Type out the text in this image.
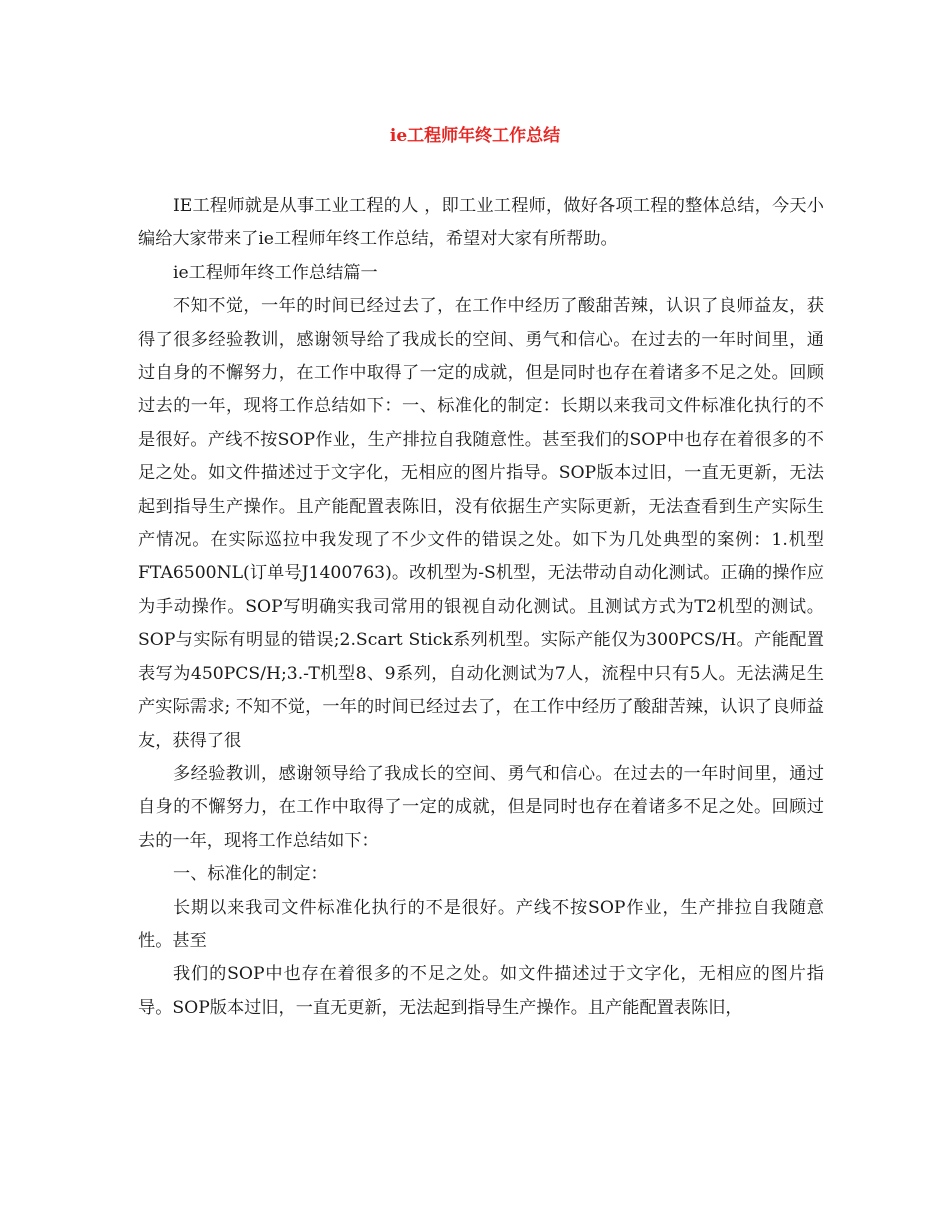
ie工程师年终工作总结

IE工程师就是从事工业工程的人 ，即工业工程师，做好各项工程的整体总结，今天小编给大家带来了ie工程师年终工作总结，希望对大家有所帮助。

ie工程师年终工作总结篇一

不知不觉，一年的时间已经过去了，在工作中经历了酸甜苦辣，认识了良师益友，获得了很多经验教训，感谢领导给了我成长的空间、勇气和信心。在过去的一年时间里，通过自身的不懈努力，在工作中取得了一定的成就，但是同时也存在着诸多不足之处。回顾过去的一年，现将工作总结如下：一、标准化的制定：长期以来我司文件标准化执行的不是很好。产线不按SOP作业，生产排拉自我随意性。甚至我们的SOP中也存在着很多的不足之处。如文件描述过于文字化，无相应的图片指导。SOP版本过旧，一直无更新，无法起到指导生产操作。且产能配置表陈旧，没有依据生产实际更新，无法查看到生产实际生产情况。在实际巡拉中我发现了不少文件的错误之处。如下为几处典型的案例：1.机型FTA6500NL(订单号J1400763)。改机型为-S机型，无法带动自动化测试。正确的操作应为手动操作。SOP写明确实我司常用的银视自动化测试。且测试方式为T2机型的测试。SOP与实际有明显的错误;2.Scart Stick系列机型。实际产能仅为300PCS/H。产能配置表写为450PCS/H;3.-T机型8、9系列，自动化测试为7人，流程中只有5人。无法满足生产实际需求; 不知不觉，一年的时间已经过去了，在工作中经历了酸甜苦辣，认识了良师益友，获得了很

多经验教训，感谢领导给了我成长的空间、勇气和信心。在过去的一年时间里，通过自身的不懈努力，在工作中取得了一定的成就，但是同时也存在着诸多不足之处。回顾过去的一年，现将工作总结如下：

一、标准化的制定：

长期以来我司文件标准化执行的不是很好。产线不按SOP作业，生产排拉自我随意性。甚至

我们的SOP中也存在着很多的不足之处。如文件描述过于文字化，无相应的图片指导。SOP版本过旧，一直无更新，无法起到指导生产操作。且产能配置表陈旧，
